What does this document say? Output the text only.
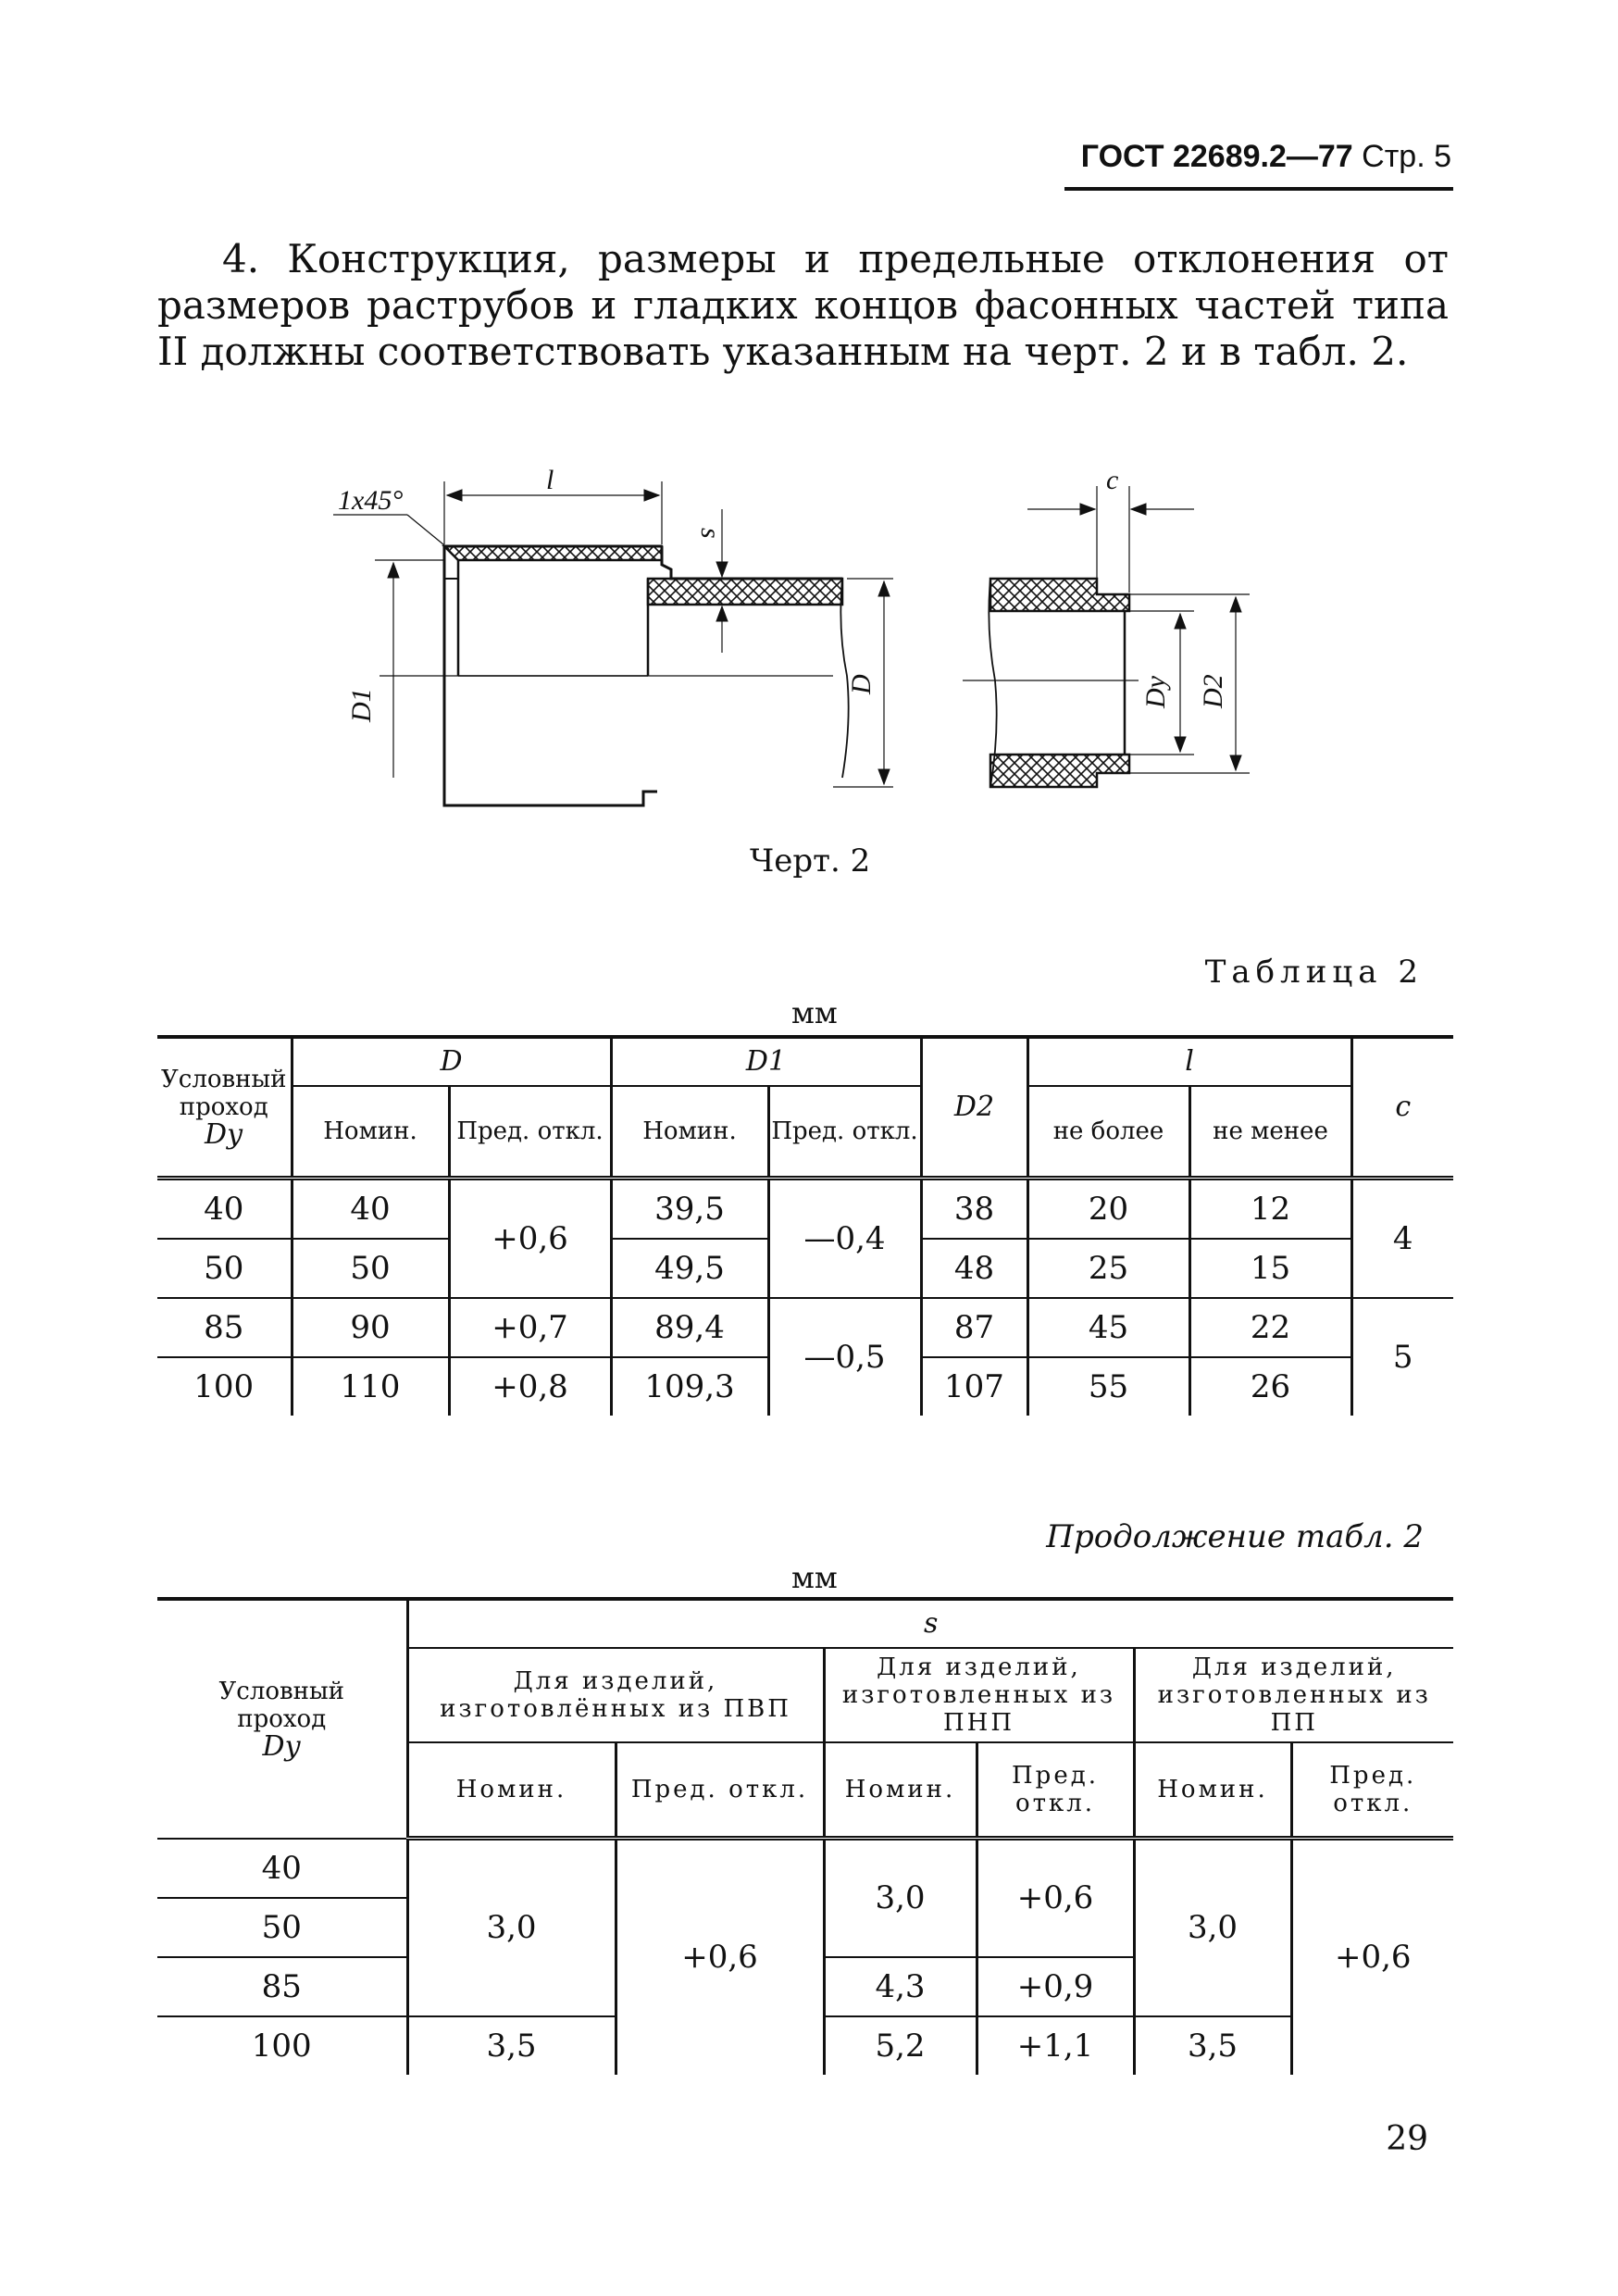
ГОСТ 22689.2—77 Стр. 5
4. Конструкция, размеры и предельные отклонения от размеров раструбов и гладких концов фасонных частей типа II должны соответствовать указанным на черт. 2 и в табл. 2.
1x45°
l
s
D1
D
c
Dy D2
Черт. 2
Таблица 2
мм
Условный
проход
Dу	D		D1		D2	l		c
	Номин.	Пред. откл.	Номин.	Пред. откл.		не более	не менее	
40	40	+0,6	39,5	—0,4	38	20	12	4
50	50		49,5		48	25	15	
85	90	+0,7	89,4	—0,5	87	45	22	5
100	110	+0,8	109,3		107	55	26	
Продолжение табл. 2
мм
Условный
проход
Dу	s					
	Для изделий, изготовлённых из ПВП		Для изделий, изготовленных из ПНП		Для изделий, изготовленных из ПП	
	Номин.	Пред. откл.	Номин.	Пред. откл.	Номин.	Пред. откл.
40	3,0	+0,6	3,0	+0,6	3,0	+0,6
50						
85			4,3	+0,9		
100	3,5		5,2	+1,1	3,5	
29
